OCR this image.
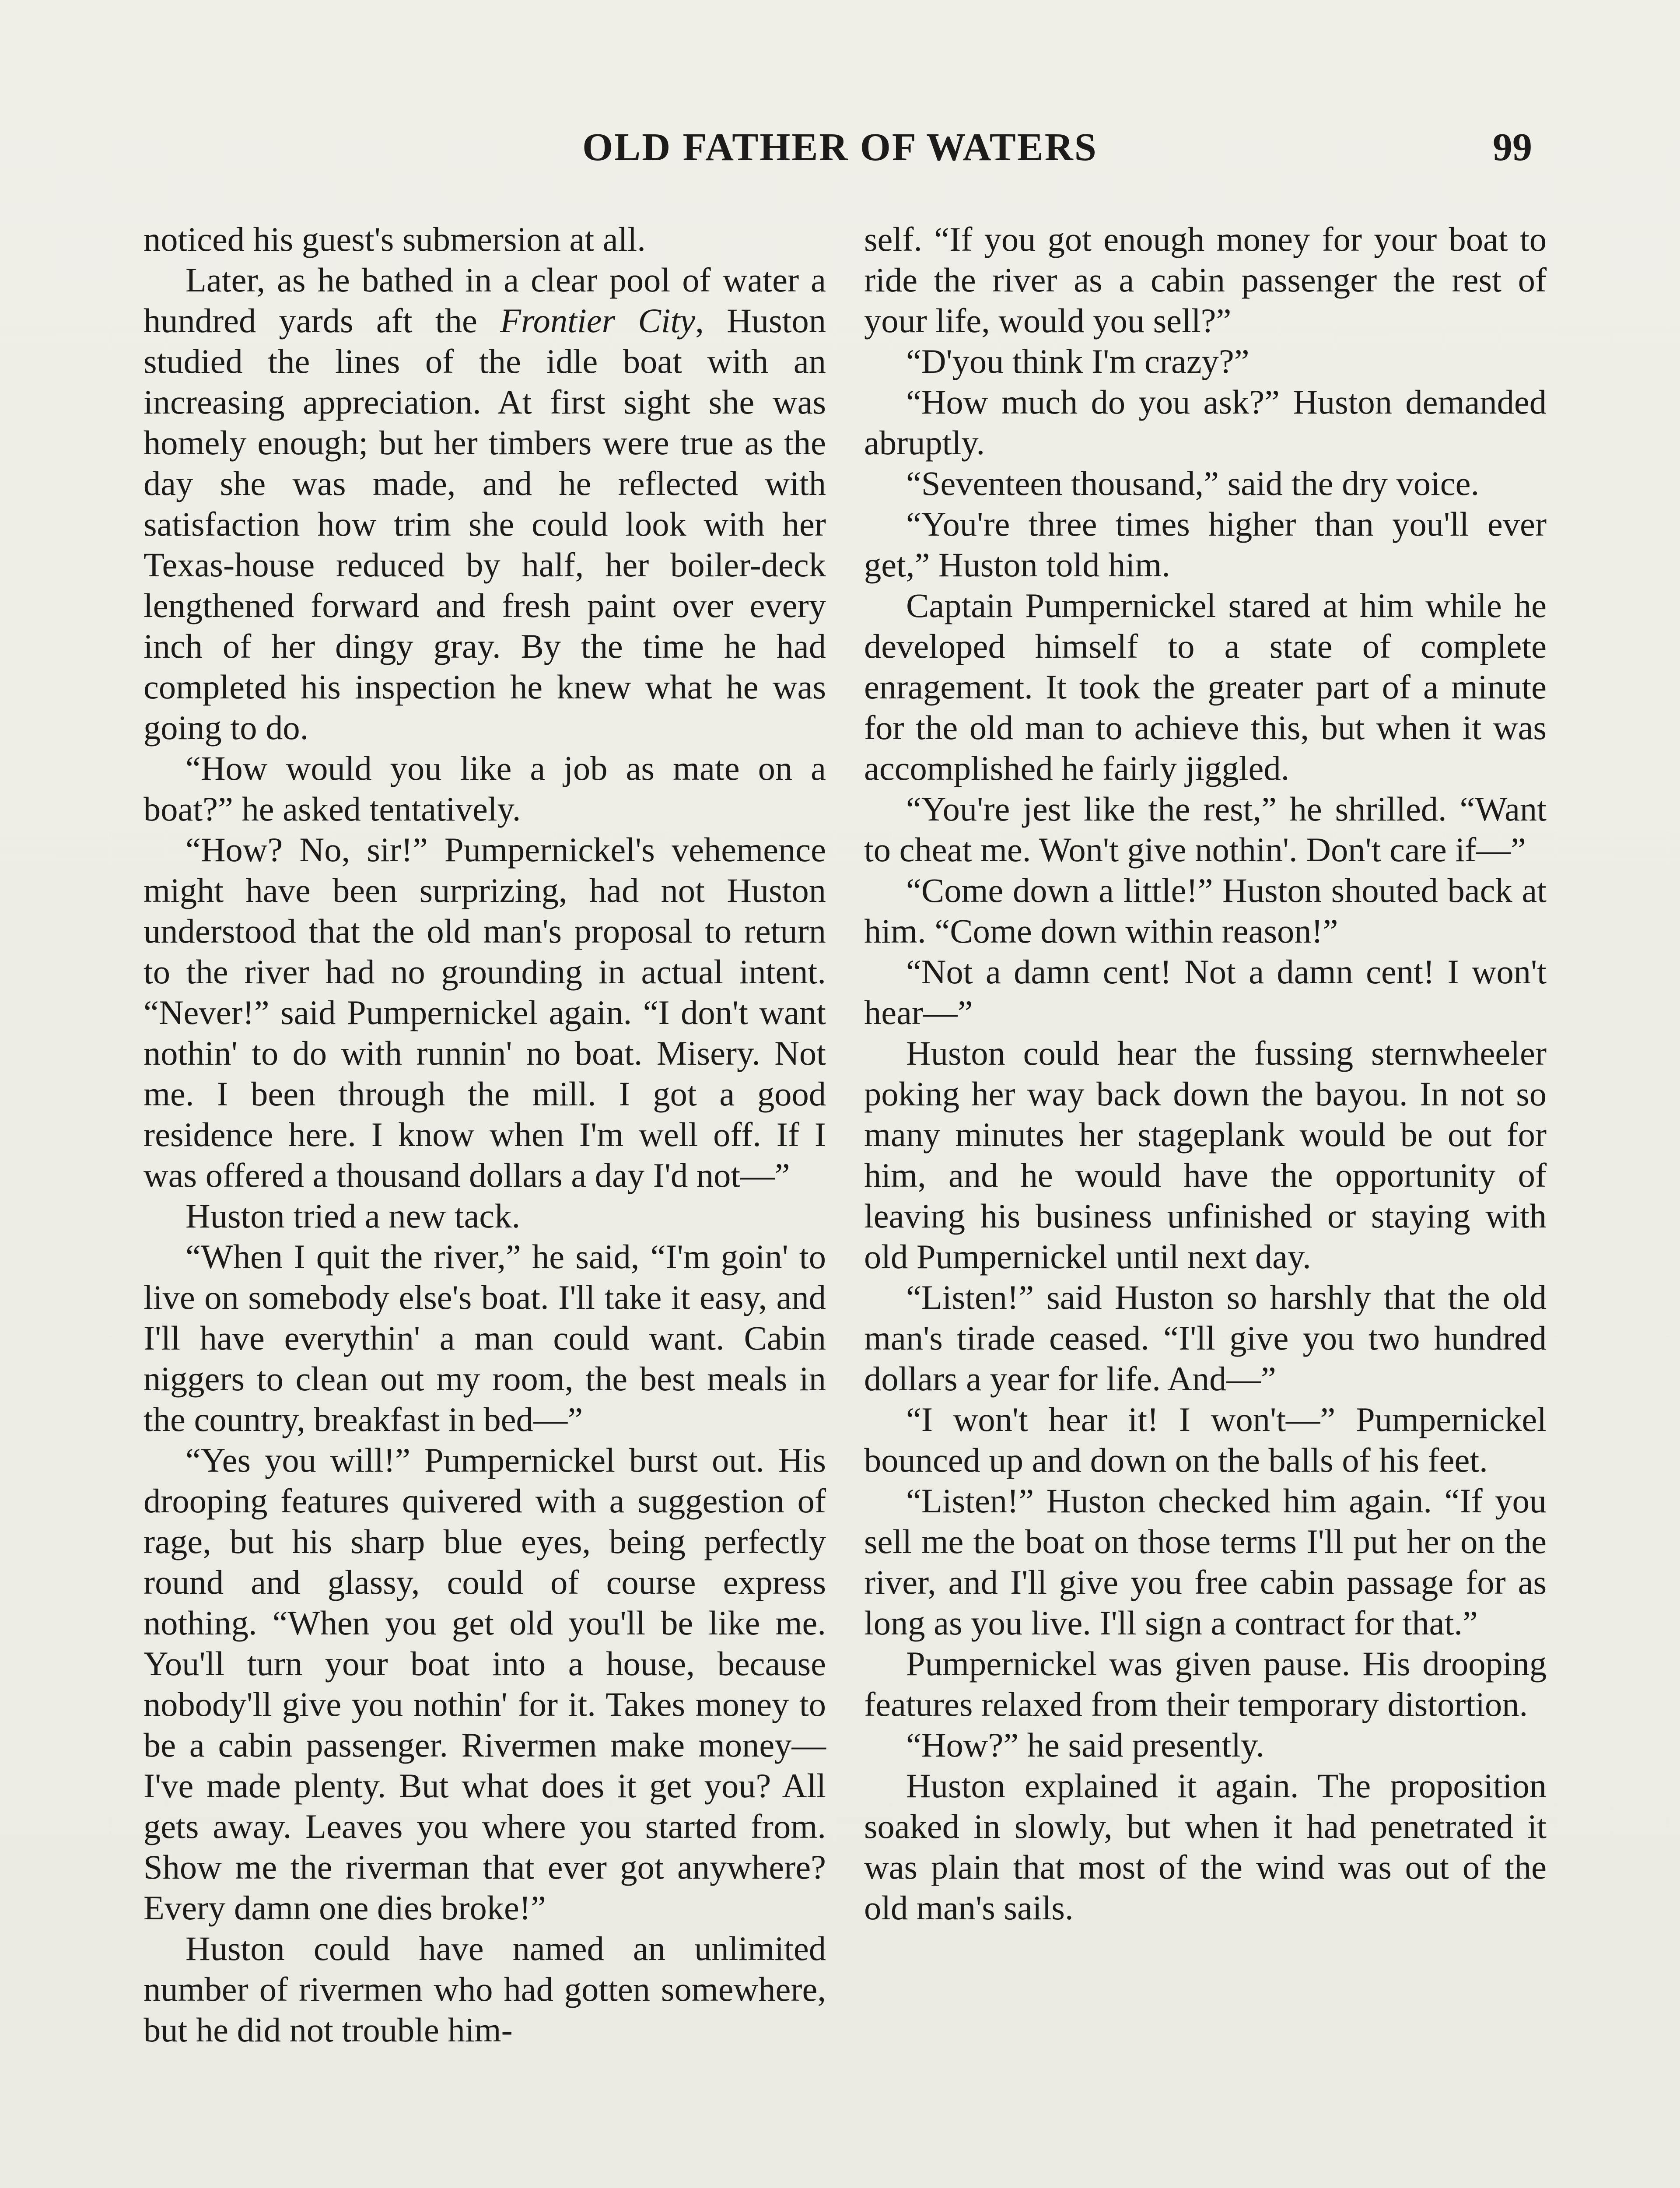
OLD FATHER OF WATERS	99

noticed his guest's submersion at all.

Later, as he bathed in a clear pool of water a hundred yards aft the Frontier City, Huston studied the lines of the idle boat with an increasing appreciation. At first sight she was homely enough; but her timbers were true as the day she was made, and he reflected with satisfaction how trim she could look with her Texas-house reduced by half, her boiler-deck lengthened forward and fresh paint over every inch of her dingy gray. By the time he had completed his inspection he knew what he was going to do.

“How would you like a job as mate on a boat?” he asked tentatively.

“How? No, sir!” Pumpernickel's vehemence might have been surprizing, had not Huston understood that the old man's proposal to return to the river had no grounding in actual intent. “Never!” said Pumpernickel again. “I don't want nothin' to do with runnin' no boat. Misery. Not me. I been through the mill. I got a good residence here. I know when I'm well off. If I was offered a thousand dollars a day I'd not—”

Huston tried a new tack.

“When I quit the river,” he said, “I'm goin' to live on somebody else's boat. I'll take it easy, and I'll have everythin' a man could want. Cabin niggers to clean out my room, the best meals in the country, breakfast in bed—”

“Yes you will!” Pumpernickel burst out. His drooping features quivered with a suggestion of rage, but his sharp blue eyes, being perfectly round and glassy, could of course express nothing. “When you get old you'll be like me. You'll turn your boat into a house, because nobody'll give you nothin' for it. Takes money to be a cabin passenger. Rivermen make money—I've made plenty. But what does it get you? All gets away. Leaves you where you started from. Show me the riverman that ever got anywhere? Every damn one dies broke!”

Huston could have named an unlimited number of rivermen who had gotten somewhere, but he did not trouble him-

self. “If you got enough money for your boat to ride the river as a cabin passenger the rest of your life, would you sell?”

“D'you think I'm crazy?”

“How much do you ask?” Huston demanded abruptly.

“Seventeen thousand,” said the dry voice.

“You're three times higher than you'll ever get,” Huston told him.

Captain Pumpernickel stared at him while he developed himself to a state of complete enragement. It took the greater part of a minute for the old man to achieve this, but when it was accomplished he fairly jiggled.

“You're jest like the rest,” he shrilled. “Want to cheat me. Won't give nothin'. Don't care if—”

“Come down a little!” Huston shouted back at him. “Come down within reason!”

“Not a damn cent! Not a damn cent! I won't hear—”

Huston could hear the fussing sternwheeler poking her way back down the bayou. In not so many minutes her stageplank would be out for him, and he would have the opportunity of leaving his business unfinished or staying with old Pumpernickel until next day.

“Listen!” said Huston so harshly that the old man's tirade ceased. “I'll give you two hundred dollars a year for life. And—”

“I won't hear it! I won't—” Pumpernickel bounced up and down on the balls of his feet.

“Listen!” Huston checked him again. “If you sell me the boat on those terms I'll put her on the river, and I'll give you free cabin passage for as long as you live. I'll sign a contract for that.”

Pumpernickel was given pause. His drooping features relaxed from their temporary distortion.

“How?” he said presently.

Huston explained it again. The proposition soaked in slowly, but when it had penetrated it was plain that most of the wind was out of the old man's sails.
